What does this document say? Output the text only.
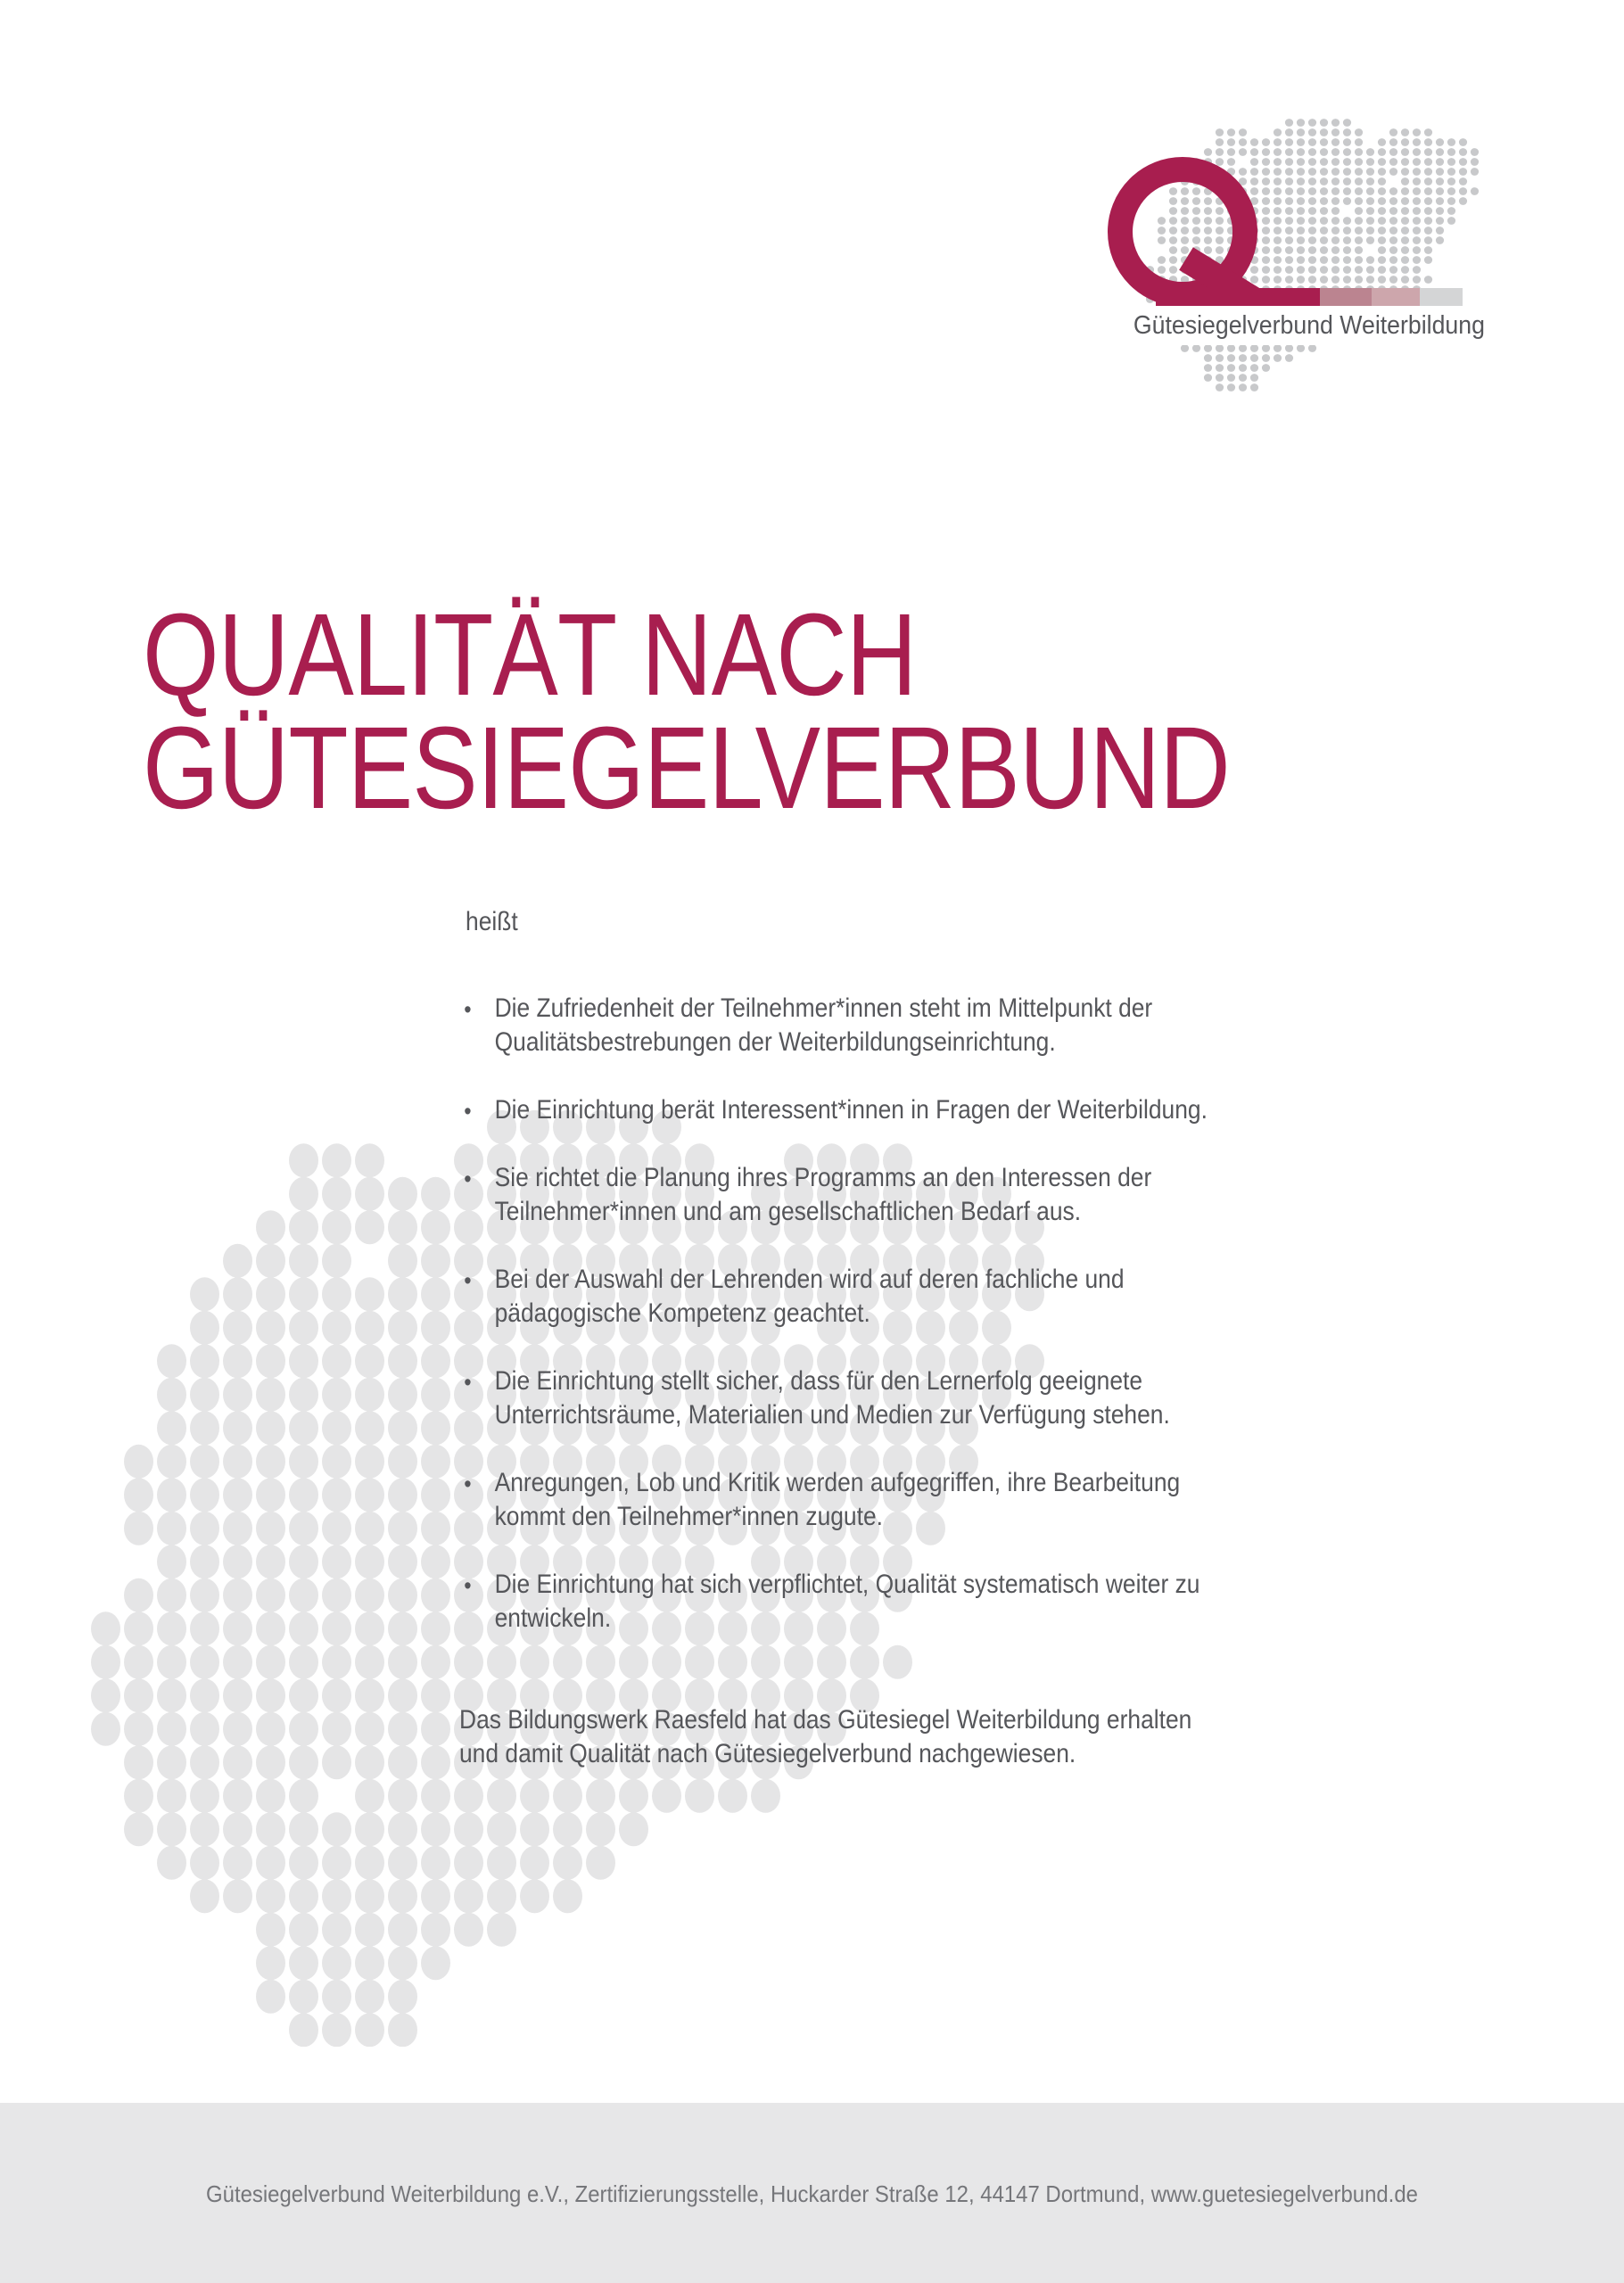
Gütesiegelverbund Weiterbildung
QUALITÄT NACH
GÜTESIEGELVERBUND
heißt
• Die Zufriedenheit der Teilnehmer*innen steht im Mittelpunkt der
Qualitätsbestrebungen der Weiterbildungseinrichtung.
• Die Einrichtung berät Interessent*innen in Fragen der Weiterbildung.
• Sie richtet die Planung ihres Programms an den Interessen der
Teilnehmer*innen und am gesellschaftlichen Bedarf aus.
• Bei der Auswahl der Lehrenden wird auf deren fachliche und
pädagogische Kompetenz geachtet.
• Die Einrichtung stellt sicher, dass für den Lernerfolg geeignete
Unterrichtsräume, Materialien und Medien zur Verfügung stehen.
• Anregungen, Lob und Kritik werden aufgegriffen, ihre Bearbeitung
kommt den Teilnehmer*innen zugute.
• Die Einrichtung hat sich verpflichtet, Qualität systematisch weiter zu
entwickeln.
Das Bildungswerk Raesfeld hat das Gütesiegel Weiterbildung erhalten
und damit Qualität nach Gütesiegelverbund nachgewiesen.
Gütesiegelverbund Weiterbildung e.V., Zertifizierungsstelle, Huckarder Straße 12, 44147 Dortmund, www.guetesiegelverbund.de
